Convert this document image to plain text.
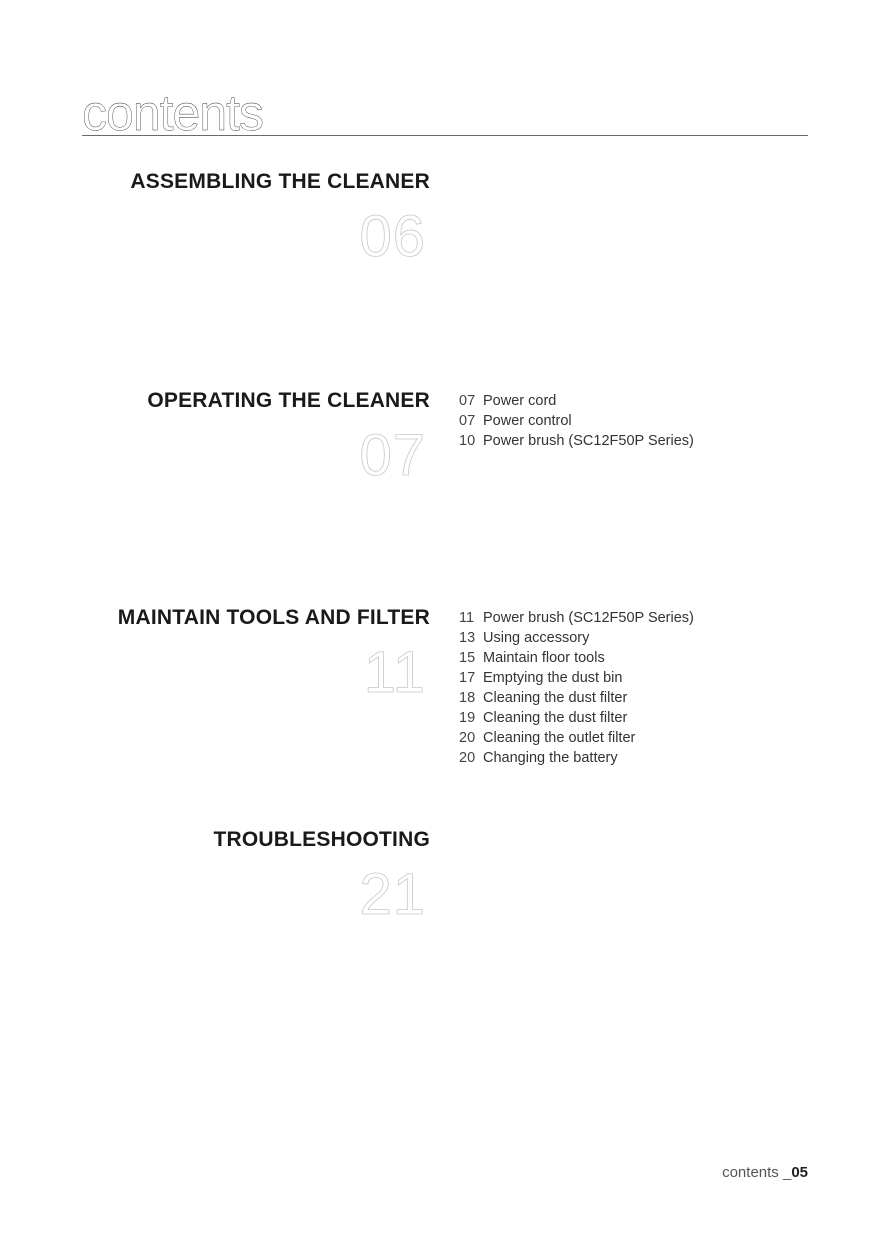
contents
ASSEMBLING THE CLEANER
06
OPERATING THE CLEANER
07
07 Power cord
07 Power control
10 Power brush (SC12F50P Series)
MAINTAIN TOOLS AND FILTER
11
11 Power brush (SC12F50P Series)
13 Using accessory
15 Maintain floor tools
17 Emptying the dust bin
18 Cleaning the dust filter
19 Cleaning the dust filter
20 Cleaning the outlet filter
20 Changing the battery
TROUBLESHOOTING
21
contents _05
